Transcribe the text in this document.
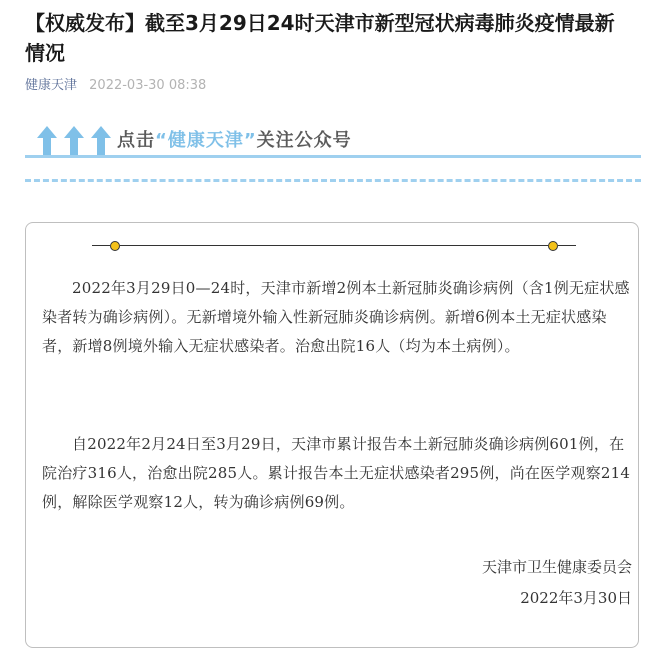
【权威发布】截至3月29日24时天津市新型冠状病毒肺炎疫情最新情况
健康天津 2022-03-30 08:38
点击“健康天津”关注公众号

2022年3月29日0—24时，天津市新增2例本土新冠肺炎确诊病例（含1例无症状感染者转为确诊病例）。无新增境外输入性新冠肺炎确诊病例。新增6例本土无症状感染者，新增8例境外输入无症状感染者。治愈出院16人（均为本土病例）。

自2022年2月24日至3月29日，天津市累计报告本土新冠肺炎确诊病例601例，在院治疗316人，治愈出院285人。累计报告本土无症状感染者295例，尚在医学观察214例，解除医学观察12人，转为确诊病例69例。

天津市卫生健康委员会
2022年3月30日
